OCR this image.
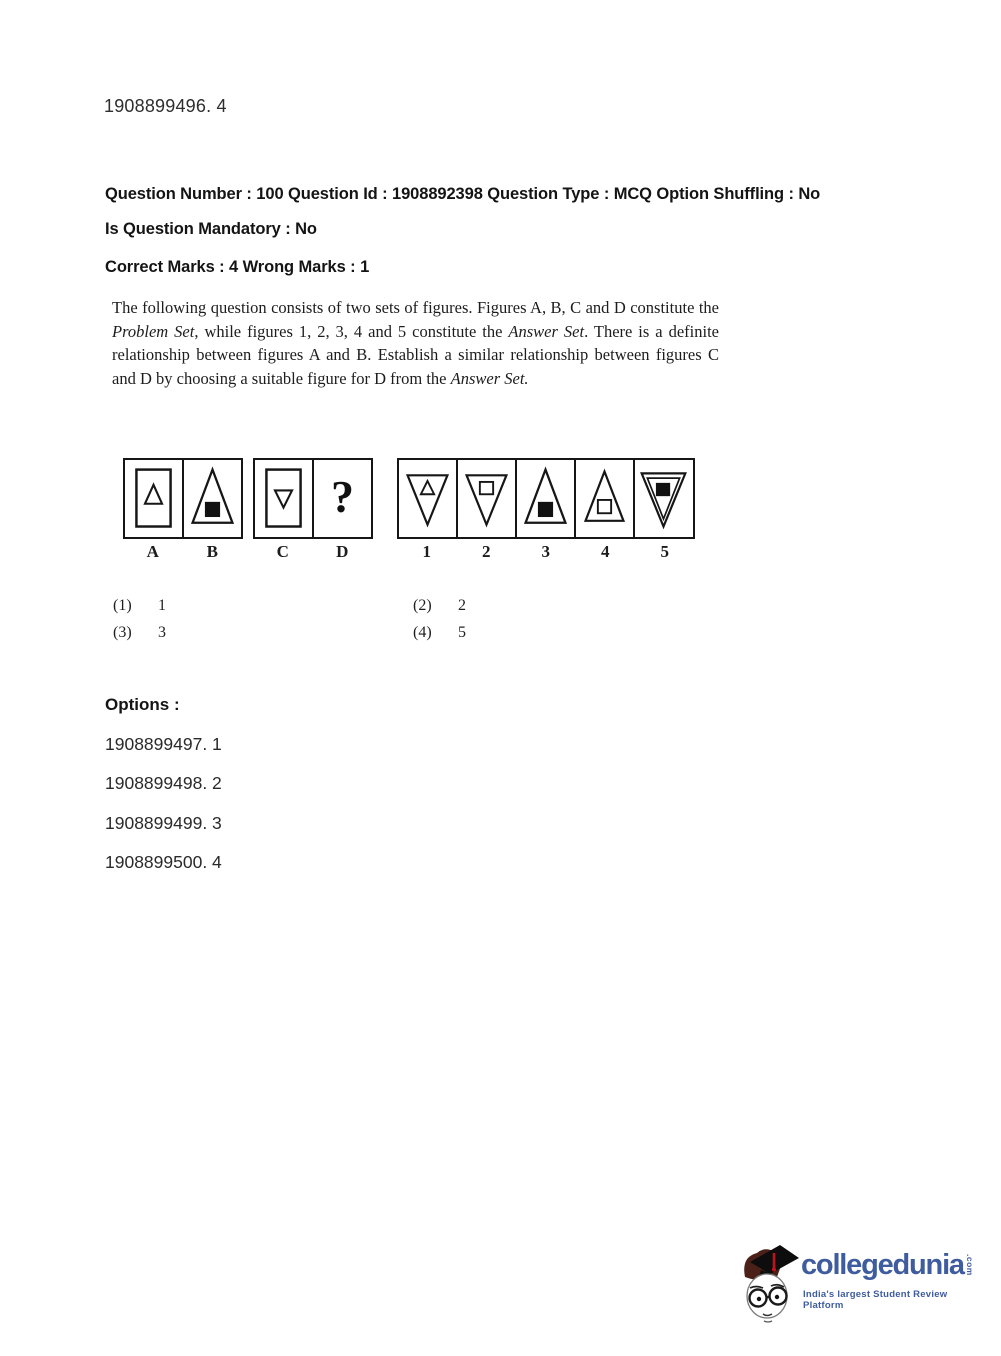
1908899496. 4

Question Number : 100 Question Id : 1908892398 Question Type : MCQ Option Shuffling : No

Is Question Mandatory : No

Correct Marks : 4 Wrong Marks : 1

The following question consists of two sets of figures. Figures A, B, C and D constitute the Problem Set, while figures 1, 2, 3, 4 and 5 constitute the Answer Set. There is a definite relationship between figures A and B. Establish a similar relationship between figures C and D by choosing a suitable figure for D from the Answer Set.
A	B
?
C	D	1	2	3	4	5
(1)	1	(2)	2
(3)	3	(4)	5
Options :
1908899497. 1
1908899498. 2
1908899499. 3
1908899500. 4
collegedunia .com
India's largest Student Review Platform
